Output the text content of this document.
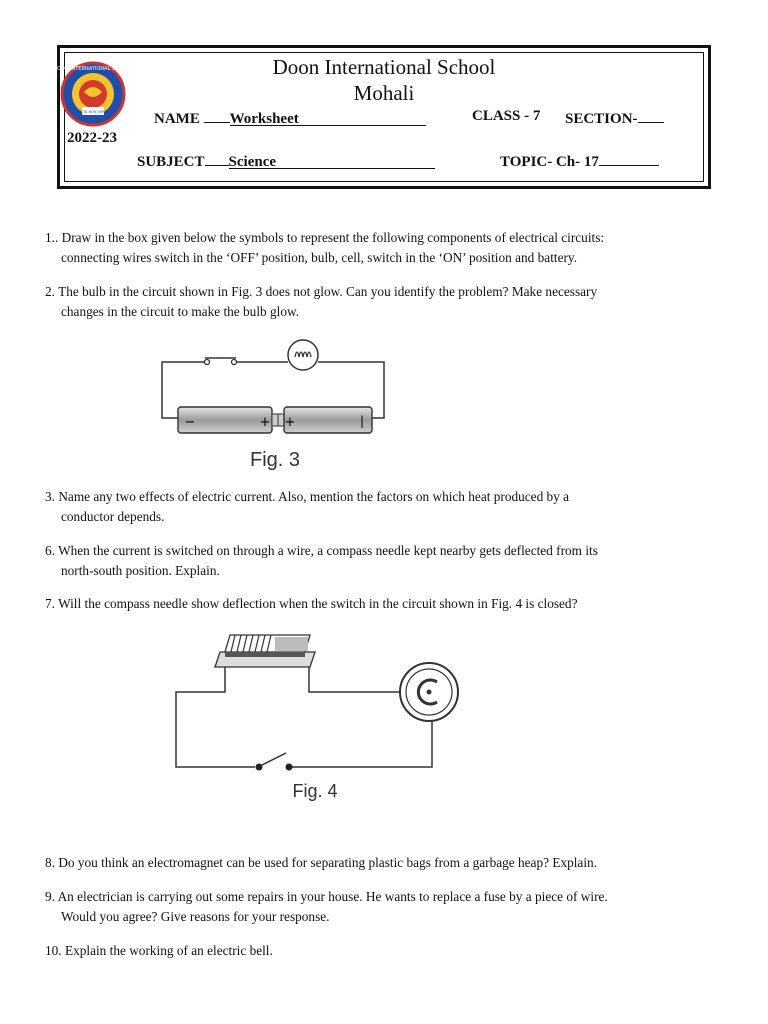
DOON INTERNATIONAL SCHOOL
FACTA NON VERBA
Doon International School
Mohali
NAME Worksheet	CLASS - 7 SECTION-
2022-23
SUBJECT Science	TOPIC- Ch- 17
1.. Draw in the box given below the symbols to represent the following components of electrical circuits:
connecting wires switch in the ‘OFF’ position, bulb, cell, switch in the ‘ON’ position and battery.
2. The bulb in the circuit shown in Fig. 3 does not glow. Can you identify the problem? Make necessary
changes in the circuit to make the bulb glow.
−	+ +	|
Fig. 3
3. Name any two effects of electric current. Also, mention the factors on which heat produced by a
conductor depends.
6. When the current is switched on through a wire, a compass needle kept nearby gets deflected from its
north-south position. Explain.
7. Will the compass needle show deflection when the switch in the circuit shown in Fig. 4 is closed?
Fig. 4
8. Do you think an electromagnet can be used for separating plastic bags from a garbage heap? Explain.
9. An electrician is carrying out some repairs in your house. He wants to replace a fuse by a piece of wire.
Would you agree? Give reasons for your response.
10. Explain the working of an electric bell.
